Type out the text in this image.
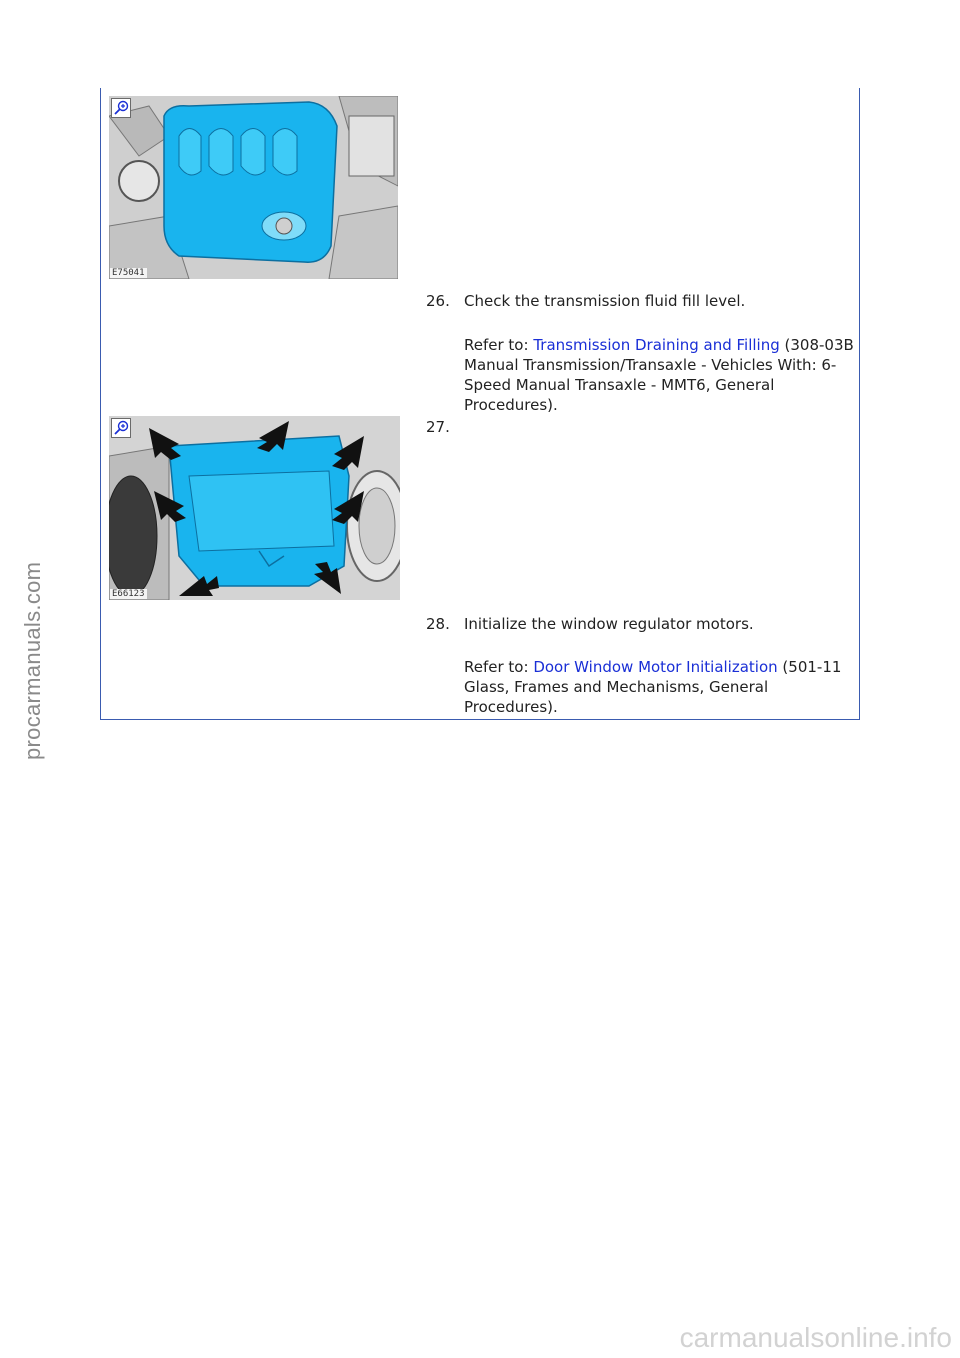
procarmanuals.com
carmanualsonline.info
E75041
26. Check the transmission fluid fill level.
Refer to: Transmission Draining and Filling (308-03B Manual Transmission/Transaxle - Vehicles With: 6-Speed Manual Transaxle - MMT6, General Procedures).
E66123
27.
28. Initialize the window regulator motors.
Refer to: Door Window Motor Initialization (501-11 Glass, Frames and Mechanisms, General Procedures).
